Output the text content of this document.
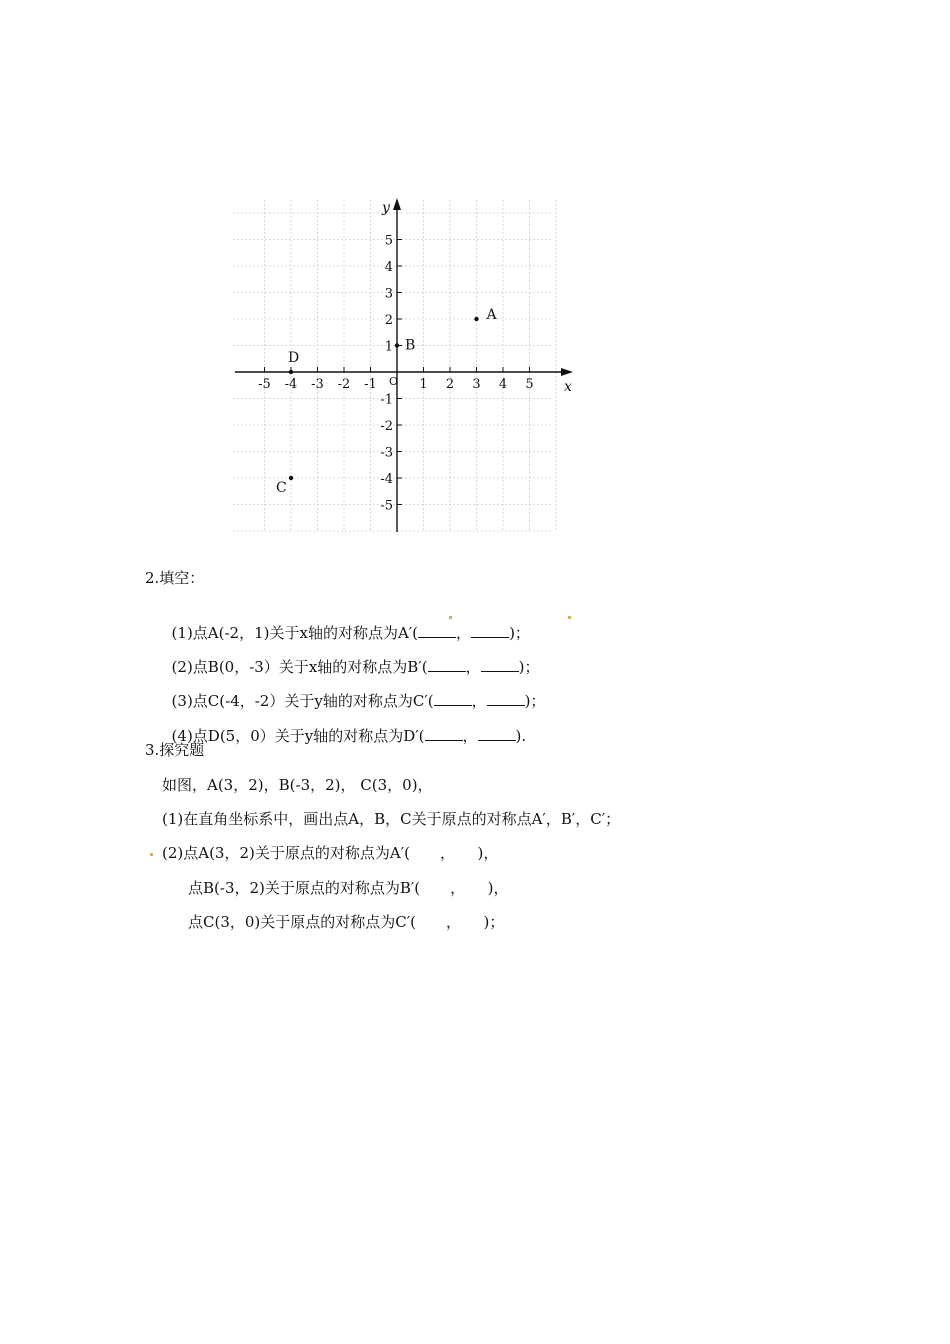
x
y
O
-5 -4 -3 -2 -1	1 2 3 4 5
5
4
3
2
1
-1
-2
-3
-4
-5
A
B
D
C
2.填空：

(1)点A(-2，1)关于x轴的对称点为A′(	，	)；

(2)点B(0，-3）关于x轴的对称点为B′(	，	)；

(3)点C(-4，-2）关于y轴的对称点为C′(	，	)；

(4)点D(5，0）关于y轴的对称点为D′(	，	).

3.探究题
如图，A(3，2)，B(-3，2)， C(3，0)，
(1)在直角坐标系中，画出点A，B，C关于原点的对称点A′，B′，C′；
(2)点A(3，2)关于原点的对称点为A′(　　，　　)，
点B(-3，2)关于原点的对称点为B′(　　，　　)，
点C(3，0)关于原点的对称点为C′(　　，　　)；
